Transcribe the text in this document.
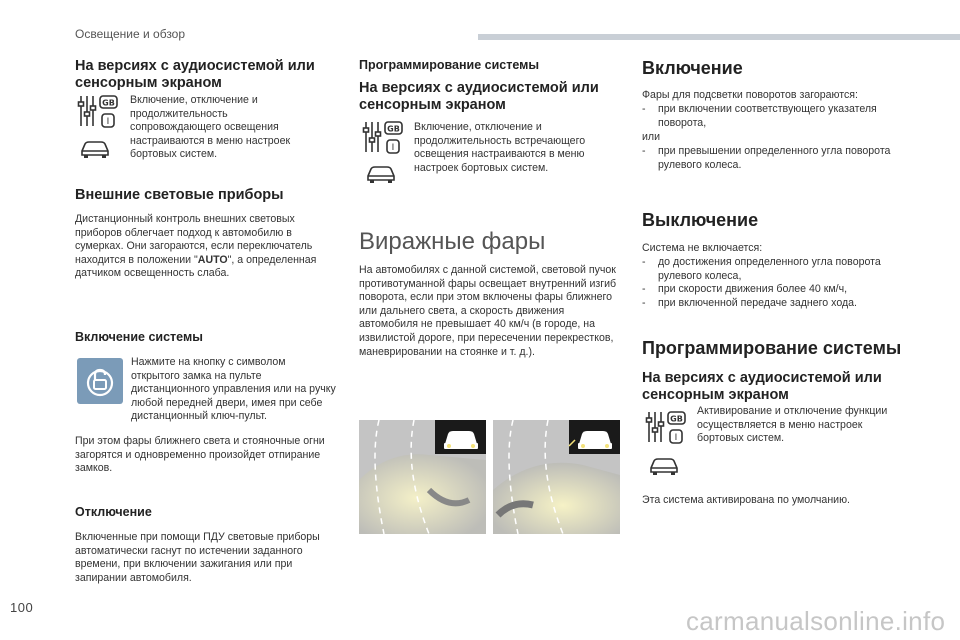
Освещение и обзор
На версиях с аудиосистемой или сенсорным экраном
GB
I

Включение, отключение и продолжительность сопровождающего освещения настраиваются в меню настроек бортовых систем.

Внешние световые приборы

Дистанционный контроль внешних световых приборов облегчает подход к автомобилю в сумерках. Они загораются, если переключатель находится в положении "AUTO", а определенная датчиком освещенность слаба.

Включение системы

Нажмите на кнопку с символом открытого замка на пульте дистанционного управления или на ручку любой передней двери, имея при себе дистанционный ключ-пульт.

При этом фары ближнего света и стояночные огни загорятся и одновременно произойдет отпирание замков.

Отключение

Включенные при помощи ПДУ световые приборы автоматически гаснут по истечении заданного времени, при включении зажигания или при запирании автомобиля.

Программирование системы
На версиях с аудиосистемой или сенсорным экраном
GB
I

Включение, отключение и продолжительность встречающего освещения настраиваются в меню настроек бортовых систем.

Виражные фары

На автомобилях с данной системой, световой пучок противотуманной фары освещает внутренний изгиб поворота, если при этом включены фары ближнего или дальнего света, а скорость движения автомобиля не превышает 40 км/ч (в городе, на извилистой дороге, при пересечении перекрестков, маневрировании на стоянке и т. д.).

Включение

Фары для подсветки поворотов загораются:

- при включении соответствующего указателя поворота,

или

- при превышении определенного угла поворота рулевого колеса.
Выключение

Система не включается:

- до достижения определенного угла поворота рулевого колеса,
- при скорости движения более 40 км/ч,
- при включенной передаче заднего хода.
Программирование системы
На версиях с аудиосистемой или сенсорным экраном
GB
I

Активирование и отключение функции осуществляется в меню настроек бортовых систем.

Эта система активирована по умолчанию.

100	carmanualsonline.info
